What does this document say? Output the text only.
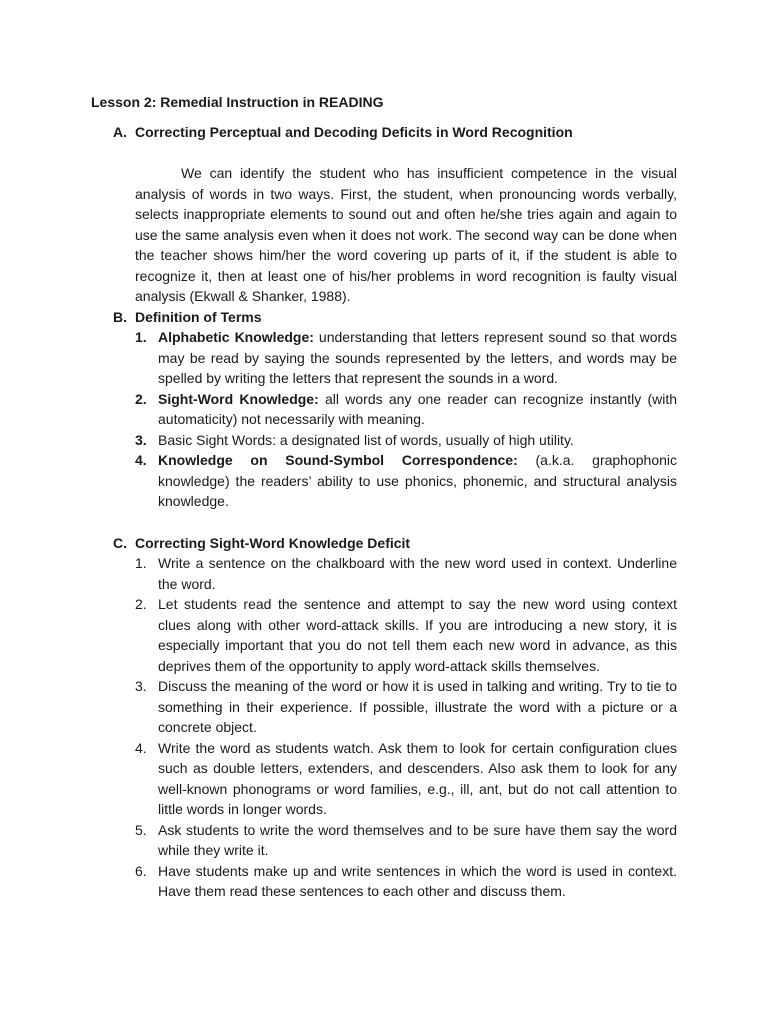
Lesson 2: Remedial Instruction in READING
A. Correcting Perceptual and Decoding Deficits in Word Recognition

We can identify the student who has insufficient competence in the visual analysis of words in two ways. First, the student, when pronouncing words verbally, selects inappropriate elements to sound out and often he/she tries again and again to use the same analysis even when it does not work. The second way can be done when the teacher shows him/her the word covering up parts of it, if the student is able to recognize it, then at least one of his/her problems in word recognition is faulty visual analysis (Ekwall & Shanker, 1988).

B. Definition of Terms
1. Alphabetic Knowledge: understanding that letters represent sound so that words may be read by saying the sounds represented by the letters, and words may be spelled by writing the letters that represent the sounds in a word.
2. Sight-Word Knowledge: all words any one reader can recognize instantly (with automaticity) not necessarily with meaning.
3. Basic Sight Words: a designated list of words, usually of high utility.
4. Knowledge on Sound-Symbol Correspondence: (a.k.a. graphophonic knowledge) the readers’ ability to use phonics, phonemic, and structural analysis knowledge.
C. Correcting Sight-Word Knowledge Deficit
1. Write a sentence on the chalkboard with the new word used in context. Underline the word.
2. Let students read the sentence and attempt to say the new word using context clues along with other word-attack skills. If you are introducing a new story, it is especially important that you do not tell them each new word in advance, as this deprives them of the opportunity to apply word-attack skills themselves.
3. Discuss the meaning of the word or how it is used in talking and writing. Try to tie to something in their experience. If possible, illustrate the word with a picture or a concrete object.
4. Write the word as students watch. Ask them to look for certain configuration clues such as double letters, extenders, and descenders. Also ask them to look for any well-known phonograms or word families, e.g., ill, ant, but do not call attention to little words in longer words.
5. Ask students to write the word themselves and to be sure have them say the word while they write it.
6. Have students make up and write sentences in which the word is used in context. Have them read these sentences to each other and discuss them.
